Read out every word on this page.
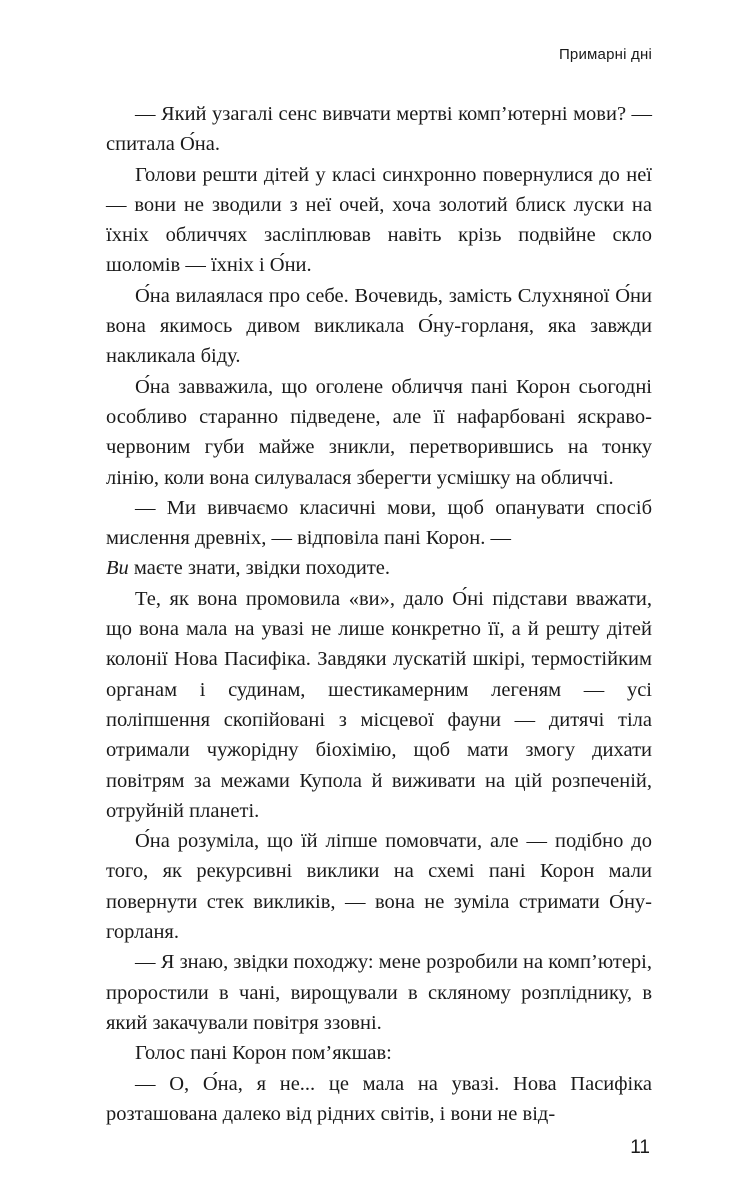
Примарні дні

— Який узагалі сенс вивчати мертві комп’ютерні мови? — спитала О́на.

Голови решти дітей у класі синхронно повернулися до неї — вони не зводили з неї очей, хоча золотий блиск луски на їхніх обличчях засліплював навіть крізь подвійне скло шоломів — їхніх і О́ни.

О́на вилаялася про себе. Вочевидь, замість Слухняної О́ни вона якимось дивом викликала О́ну-горланя, яка завжди накликала біду.

О́на завважила, що оголене обличчя пані Корон сьогодні особливо старанно підведене, але її нафарбовані яскраво-червоним губи майже зникли, перетворившись на тонку лінію, коли вона силувалася зберегти усмішку на обличчі.

— Ми вивчаємо класичні мови, щоб опанувати спосіб мислення древніх, — відповіла пані Корон. —
Ви маєте знати, звідки походите.

Те, як вона промовила «ви», дало О́ні підстави вважати, що вона мала на увазі не лише конкретно її, а й решту дітей колонії Нова Пасифіка. Завдяки лускатій шкірі, термостійким органам і судинам, шестикамерним легеням — усі поліпшення скопійовані з місцевої фауни — дитячі тіла отримали чужорідну біохімію, щоб мати змогу дихати повітрям за межами Купола й виживати на цій розпеченій, отруйній планеті.

О́на розуміла, що їй ліпше помовчати, але — подібно до того, як рекурсивні виклики на схемі пані Корон мали повернути стек викликів, — вона не зуміла стримати О́ну-горланя.

— Я знаю, звідки походжу: мене розробили на комп’ютері, проростили в чані, вирощували в скляному розпліднику, в який закачували повітря ззовні.

Голос пані Корон пом’якшав:

— О, О́на, я не... це мала на увазі. Нова Пасифіка розташована далеко від рідних світів, і вони не від-

11
